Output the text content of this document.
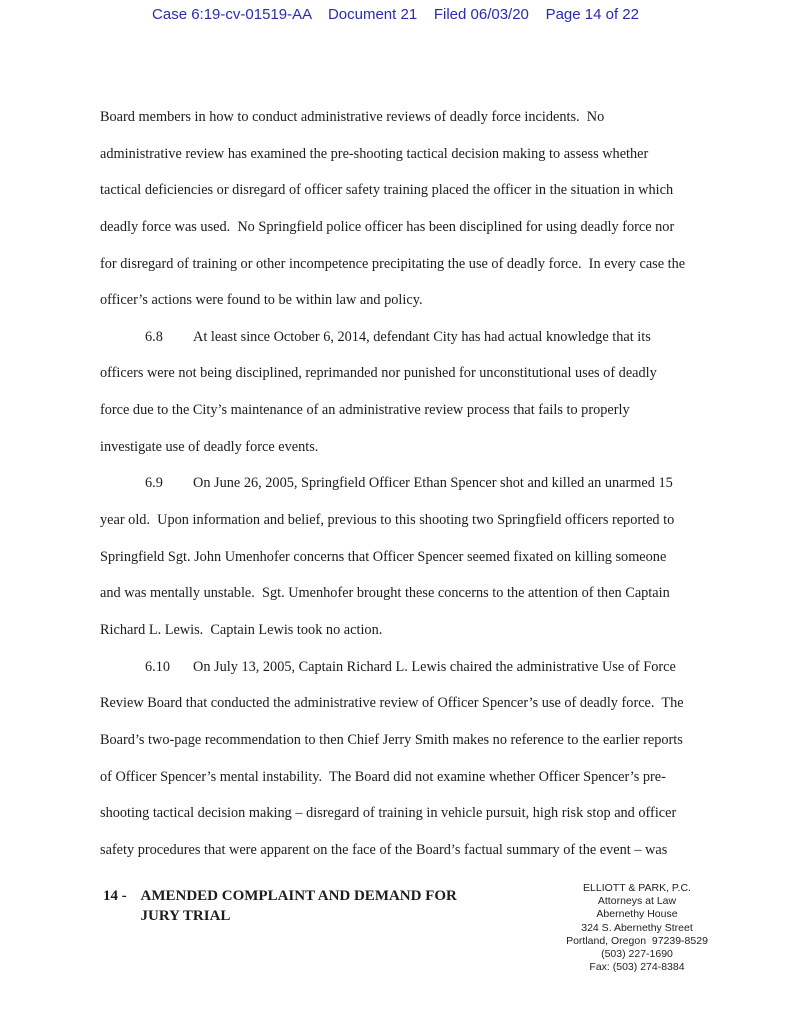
Case 6:19-cv-01519-AA    Document 21    Filed 06/03/20    Page 14 of 22
Board members in how to conduct administrative reviews of deadly force incidents.  No
administrative review has examined the pre-shooting tactical decision making to assess whether
tactical deficiencies or disregard of officer safety training placed the officer in the situation in which
deadly force was used.  No Springfield police officer has been disciplined for using deadly force nor
for disregard of training or other incompetence precipitating the use of deadly force.  In every case the
officer’s actions were found to be within law and policy.
6.8 At least since October 6, 2014, defendant City has had actual knowledge that its
officers were not being disciplined, reprimanded nor punished for unconstitutional uses of deadly
force due to the City’s maintenance of an administrative review process that fails to properly
investigate use of deadly force events.
6.9 On June 26, 2005, Springfield Officer Ethan Spencer shot and killed an unarmed 15
year old.  Upon information and belief, previous to this shooting two Springfield officers reported to
Springfield Sgt. John Umenhofer concerns that Officer Spencer seemed fixated on killing someone
and was mentally unstable.  Sgt. Umenhofer brought these concerns to the attention of then Captain
Richard L. Lewis.  Captain Lewis took no action.
6.10 On July 13, 2005, Captain Richard L. Lewis chaired the administrative Use of Force
Review Board that conducted the administrative review of Officer Spencer’s use of deadly force.  The
Board’s two-page recommendation to then Chief Jerry Smith makes no reference to the earlier reports
of Officer Spencer’s mental instability.  The Board did not examine whether Officer Spencer’s pre-
shooting tactical decision making – disregard of training in vehicle pursuit, high risk stop and officer
safety procedures that were apparent on the face of the Board’s factual summary of the event – was
14 - AMENDED COMPLAINT AND DEMAND FOR
JURY TRIAL
ELLIOTT & PARK, P.C.
Attorneys at Law
Abernethy House
324 S. Abernethy Street
Portland, Oregon  97239-8529
(503) 227-1690
Fax: (503) 274-8384
